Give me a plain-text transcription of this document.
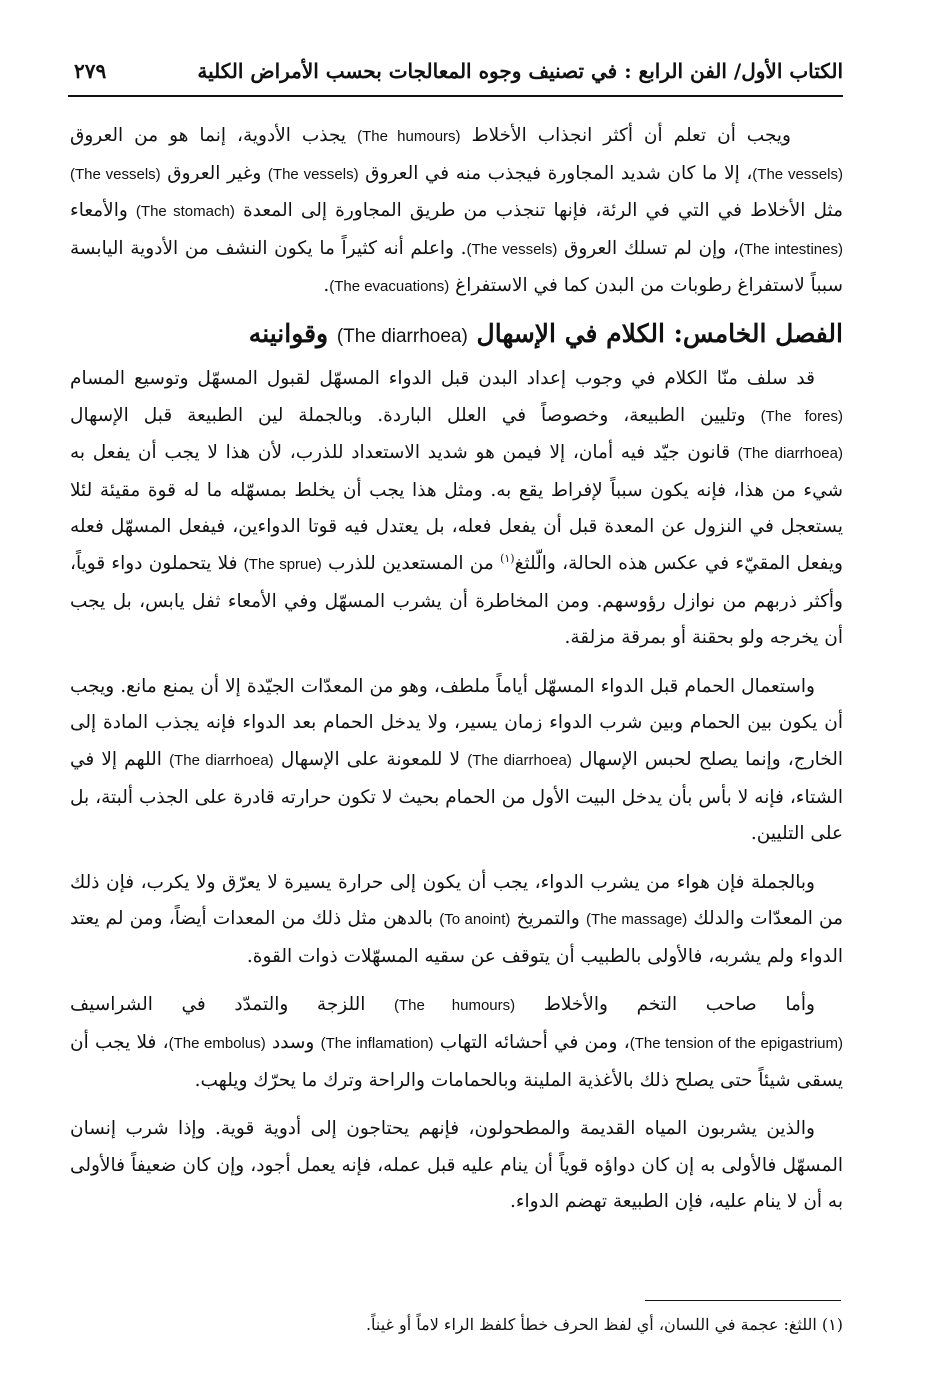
الكتاب الأول/ الفن الرابع : في تصنيف وجوه المعالجات بحسب الأمراض الكلية
٢٧٩

ويجب أن تعلم أن أكثر انجذاب الأخلاط (The humours) يجذب الأدوية، إنما هو من العروق (The vessels)، إلا ما كان شديد المجاورة فيجذب منه في العروق (The vessels) وغير العروق (The vessels) مثل الأخلاط في التي في الرئة، فإنها تنجذب من طريق المجاورة إلى المعدة (The stomach) والأمعاء (The intestines)، وإن لم تسلك العروق (The vessels). واعلم أنه كثيراً ما يكون النشف من الأدوية اليابسة سبباً لاستفراغ رطوبات من البدن كما في الاستفراغ (The evacuations).

الفصل الخامس: الكلام في الإسهال (The diarrhoea) وقوانينه

قد سلف منّا الكلام في وجوب إعداد البدن قبل الدواء المسهّل لقبول المسهّل وتوسيع المسام (The fores) وتليين الطبيعة، وخصوصاً في العلل الباردة. وبالجملة لين الطبيعة قبل الإسهال (The diarrhoea) قانون جيّد فيه أمان، إلا فيمن هو شديد الاستعداد للذرب، لأن هذا لا يجب أن يفعل به شيء من هذا، فإنه يكون سبباً لإفراط يقع به. ومثل هذا يجب أن يخلط بمسهّله ما له قوة مقيئة لئلا يستعجل في النزول عن المعدة قبل أن يفعل فعله، بل يعتدل فيه قوتا الدواءين، فيفعل المسهّل فعله ويفعل المقيّء في عكس هذه الحالة، والّلثغ$^{(١)}$ من المستعدين للذرب (The sprue) فلا يتحملون دواء قوياً، وأكثر ذربهم من نوازل رؤوسهم. ومن المخاطرة أن يشرب المسهّل وفي الأمعاء ثفل يابس، بل يجب أن يخرجه ولو بحقنة أو بمرقة مزلقة.

واستعمال الحمام قبل الدواء المسهّل أياماً ملطف، وهو من المعدّات الجيّدة إلا أن يمنع مانع. ويجب أن يكون بين الحمام وبين شرب الدواء زمان يسير، ولا يدخل الحمام بعد الدواء فإنه يجذب المادة إلى الخارج، وإنما يصلح لحبس الإسهال (The diarrhoea) لا للمعونة على الإسهال (The diarrhoea) اللهم إلا في الشتاء، فإنه لا بأس بأن يدخل البيت الأول من الحمام بحيث لا تكون حرارته قادرة على الجذب ألبتة، بل على التليين.

وبالجملة فإن هواء من يشرب الدواء، يجب أن يكون إلى حرارة يسيرة لا يعرّق ولا يكرب، فإن ذلك من المعدّات والدلك (The massage) والتمريخ (To anoint) بالدهن مثل ذلك من المعدات أيضاً، ومن لم يعتد الدواء ولم يشربه، فالأولى بالطبيب أن يتوقف عن سقيه المسهّلات ذوات القوة.

وأما صاحب التخم والأخلاط (The humours) اللزجة والتمدّد في الشراسيف (The tension of the epigastrium)، ومن في أحشائه التهاب (The inflamation) وسدد (The embolus)، فلا يجب أن يسقى شيئاً حتى يصلح ذلك بالأغذية الملينة وبالحمامات والراحة وترك ما يحرّك ويلهب.

والذين يشربون المياه القديمة والمطحولون، فإنهم يحتاجون إلى أدوية قوية. وإذا شرب إنسان المسهّل فالأولى به إن كان دواؤه قوياً أن ينام عليه قبل عمله، فإنه يعمل أجود، وإن كان ضعيفاً فالأولى به أن لا ينام عليه، فإن الطبيعة تهضم الدواء.

(١) اللثغ: عجمة في اللسان، أي لفظ الحرف خطأ كلفظ الراء لاماً أو غيناً.
